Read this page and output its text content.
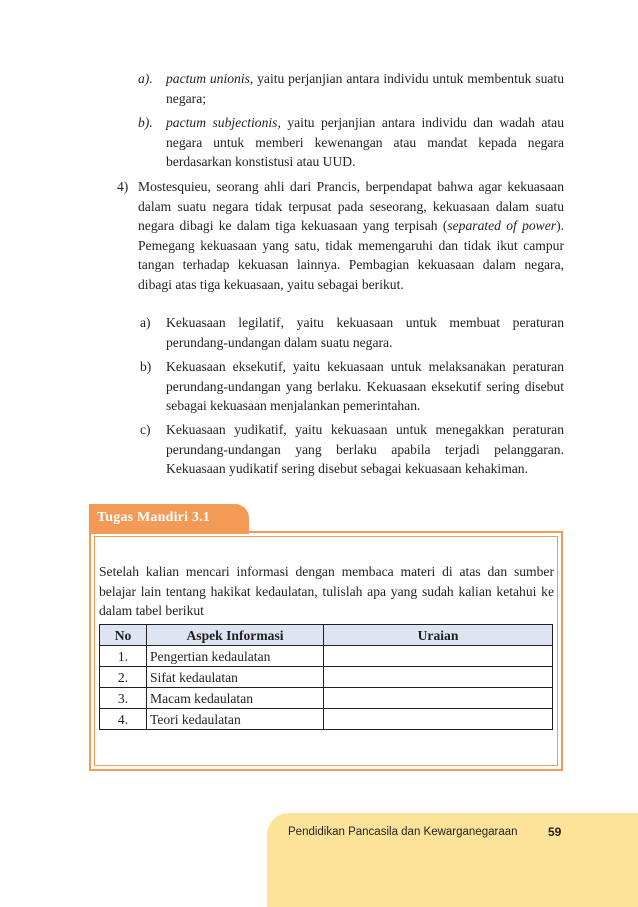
a). pactum unionis, yaitu perjanjian antara individu untuk membentuk suatu negara;
b). pactum subjectionis, yaitu perjanjian antara individu dan wadah atau negara untuk memberi kewenangan atau mandat kepada negara berdasarkan konstistusi atau UUD.
4) Mostesquieu, seorang ahli dari Prancis, berpendapat bahwa agar kekuasaan dalam suatu negara tidak terpusat pada seseorang, kekuasaan dalam suatu negara dibagi ke dalam tiga kekuasaan yang terpisah (separated of power). Pemegang kekuasaan yang satu, tidak memengaruhi dan tidak ikut campur tangan terhadap kekuasan lainnya. Pembagian kekuasaan dalam negara, dibagi atas tiga kekuasaan, yaitu sebagai berikut.
a) Kekuasaan legilatif, yaitu kekuasaan untuk membuat peraturan perundang-undangan dalam suatu negara.
b) Kekuasaan eksekutif, yaitu kekuasaan untuk melaksanakan peraturan perundang-undangan yang berlaku. Kekuasaan eksekutif sering disebut sebagai kekuasaan menjalankan pemerintahan.
c) Kekuasaan yudikatif, yaitu kekuasaan untuk menegakkan peraturan perundang-undangan yang berlaku apabila terjadi pelanggaran. Kekuasaan yudikatif sering disebut sebagai kekuasaan kehakiman.
Tugas Mandiri 3.1
Setelah kalian mencari informasi dengan membaca materi di atas dan sumber belajar lain tentang hakikat kedaulatan, tulislah apa yang sudah kalian ketahui ke dalam tabel berikut
No	Aspek Informasi	Uraian
1.	Pengertian kedaulatan	
2.	Sifat kedaulatan	
3.	Macam kedaulatan	
4.	Teori kedaulatan	
Pendidikan Pancasila dan Kewarganegaraan	59
